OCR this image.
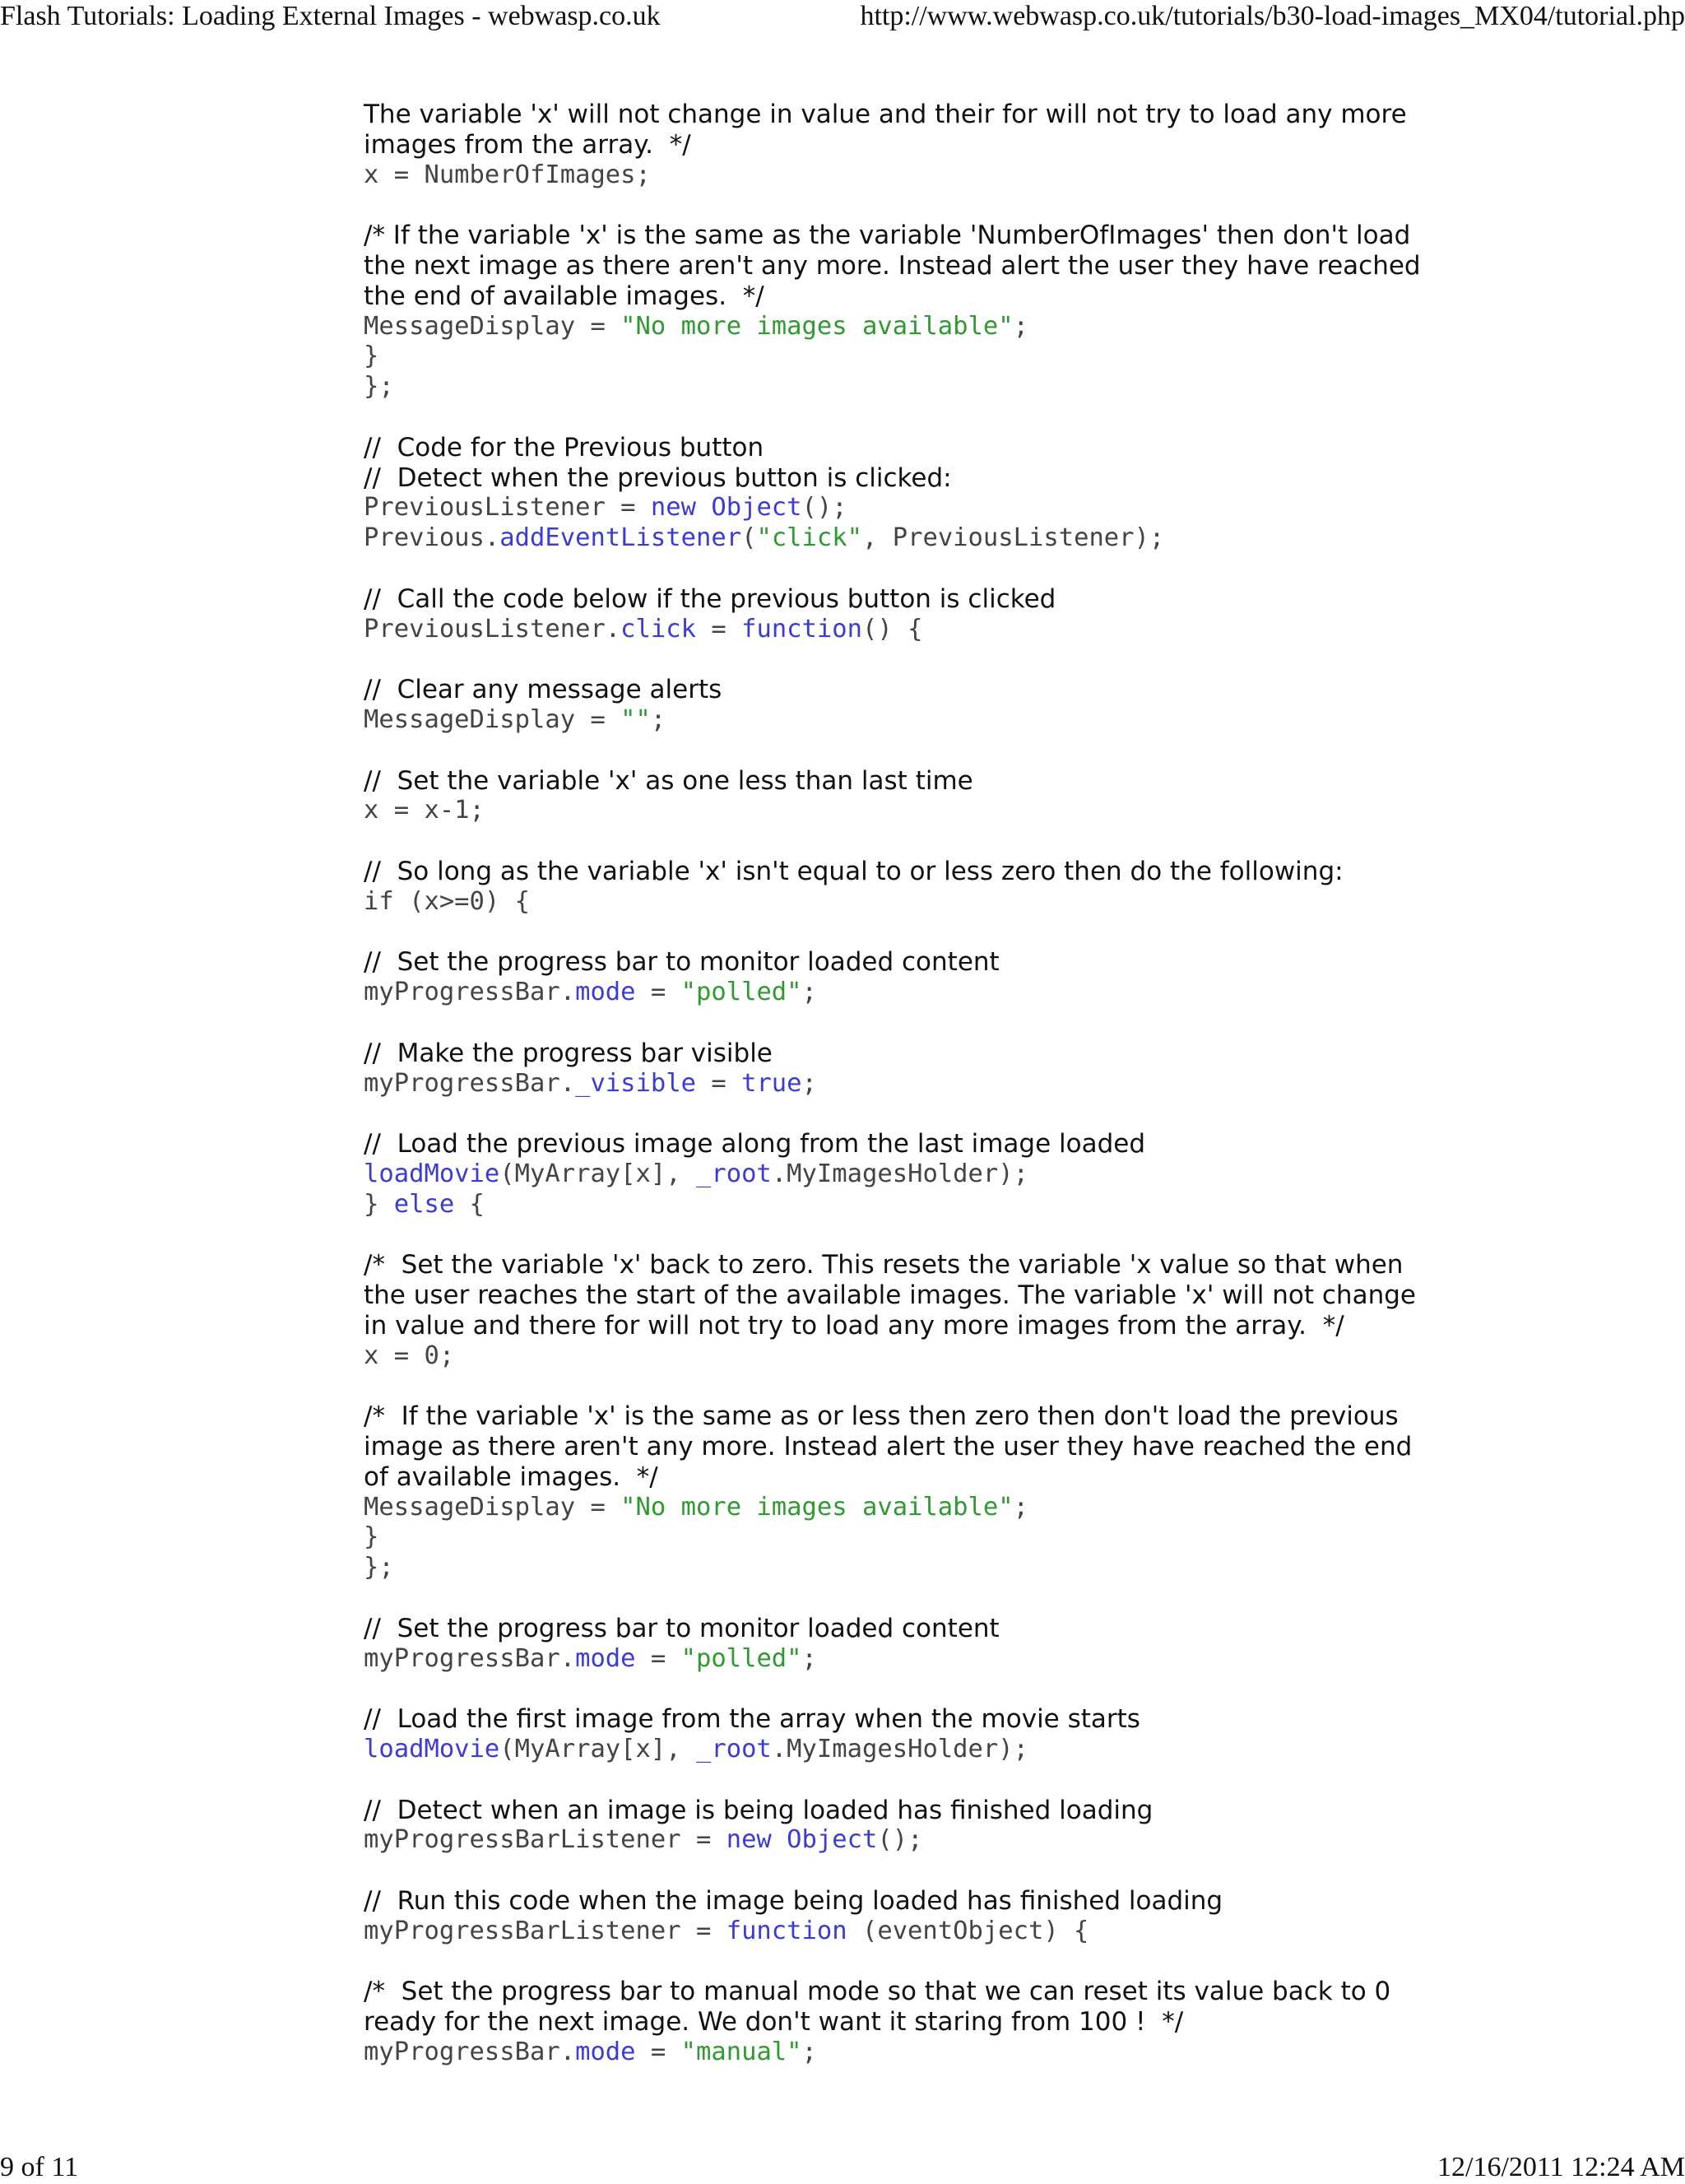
Flash Tutorials: Loading External Images - webwasp.co.uk	http://www.webwasp.co.uk/tutorials/b30-load-images_MX04/tutorial.php
The variable 'x' will not change in value and their for will not try to load any more
images from the array.  */
x = NumberOfImages;
/* If the variable 'x' is the same as the variable 'NumberOfImages' then don't load
the next image as there aren't any more. Instead alert the user they have reached
the end of available images.  */
MessageDisplay = "No more images available";
}
};
//  Code for the Previous button
//  Detect when the previous button is clicked:
PreviousListener = new Object();
Previous.addEventListener("click", PreviousListener);
//  Call the code below if the previous button is clicked
PreviousListener.click = function() {
//  Clear any message alerts
MessageDisplay = "";
//  Set the variable 'x' as one less than last time
x = x-1;
//  So long as the variable 'x' isn't equal to or less zero then do the following:
if (x>=0) {
//  Set the progress bar to monitor loaded content
myProgressBar.mode = "polled";
//  Make the progress bar visible
myProgressBar._visible = true;
//  Load the previous image along from the last image loaded
loadMovie(MyArray[x], _root.MyImagesHolder);
} else {
/*  Set the variable 'x' back to zero. This resets the variable 'x value so that when
the user reaches the start of the available images. The variable 'x' will not change
in value and there for will not try to load any more images from the array.  */
x = 0;
/*  If the variable 'x' is the same as or less then zero then don't load the previous
image as there aren't any more. Instead alert the user they have reached the end
of available images.  */
MessageDisplay = "No more images available";
}
};
//  Set the progress bar to monitor loaded content
myProgressBar.mode = "polled";
//  Load the first image from the array when the movie starts
loadMovie(MyArray[x], _root.MyImagesHolder);
//  Detect when an image is being loaded has finished loading
myProgressBarListener = new Object();
//  Run this code when the image being loaded has finished loading
myProgressBarListener = function (eventObject) {
/*  Set the progress bar to manual mode so that we can reset its value back to 0
ready for the next image. We don't want it staring from 100 !  */
myProgressBar.mode = "manual";
9 of 11	12/16/2011 12:24 AM
